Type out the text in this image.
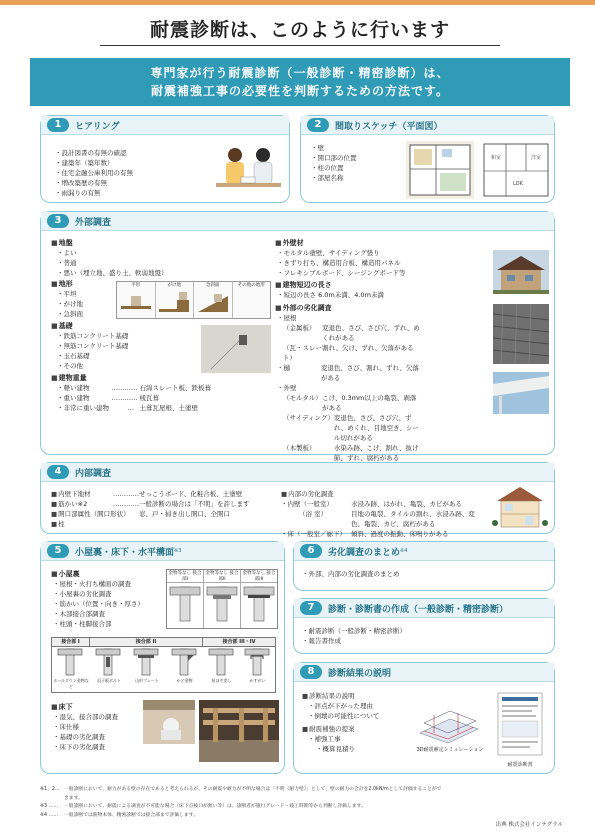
耐震診断は、このように行います
専門家が行う耐震診断（一般診断・精密診断）は、
耐震補強工事の必要性を判断するための方法です。
1	ヒアリング
・ 設計図書の有無の確認
・ 建築年（築年数）
・ 住宅金融公庫利用の有無
・ 増改築歴の有無
・ 雨漏りの有無
2	間取りスケッチ（平面図）
・ 壁
・ 開口部の位置
・ 柱の位置
・ 部屋名称
和室	洋室
LDK
3	外部調査
■ 地盤
・ よい
・ 普通
・ 悪い（埋立地、盛り土、軟弱地盤）
■ 地形
・ 平坦
・ がけ地
・ 急斜面
■ 基礎
・ 鉄筋コンクリート基礎
・ 無筋コンクリート基礎
・ 玉石基礎
・ その他
■ 建物重量
・ 軽い建物	………… 石綿スレート板、鉄板葺
・ 重い建物	………… 桟瓦葺
・ 非常に重い建物	… 土葺瓦屋根、土塗壁
平坦	がけ地	急斜面	その他の地形
■ 外壁材
・ モルタル塗壁、サイディング張り
・ きずり打ち、構造用合板、構造用パネル
・ フレキシブルボード、シージングボード等
■ 建物短辺の長さ
・ 短辺の長さ 6.0m未満、4.0m未満
■ 外部の劣化調査
・屋根
（金属板）	変退色、さび、さび穴、ずれ、めくれがある
（瓦・スレート）
割れ、欠け、ずれ、欠落がある
・樋	変退色、さび、割れ、ずれ、欠落がある
・外壁
（モルタル） こけ、0.3mm以上の亀裂、剥落がある
（サイディング） 変退色、さび、さび穴、ずれ、めくれ、目地空き、シール切れがある
（木製板）	水染み跡、こけ、割れ、抜け節、ずれ、腐朽がある
4	内部調査
■ 内壁下地材	………… せっこうボード、化粧合板、土塗壁
■ 筋かい※2	………… 一般診断の場合は「不明」を許します
■ 開口部属性（開口形状）	窓、戸・掃き出し開口、全開口
■ 柱
■ 内部の劣化調査
・内壁（一般室）	水浸み跡、はがれ、亀裂、カビがある
（浴 室）	目地の亀裂、タイルの割れ、水浸み跡、変色、亀裂、カビ、腐朽がある
・床（一般室／廊下） 傾斜、過度の振動、床鳴りがある
5	小屋裏・床下・水平構面 ※3
■ 小屋裏
・ 屋根・火打ち構面の調査
・ 小屋裏の劣化調査
・ 筋かい（位置・向き・厚さ）
・ 木部接合部調査
・ 柱頭・柱脚接合部
金物等なし 接合部I
金物等なし 接合部II
金物等なし 接合部III
接合部 I	接合部 II	接合部 III・IV
ホールダウン金物など
羽子板ボルト	山形プレート	かど金物	短ほぞ差し	かすがい
■ 床下
・ 湿気、接合部の調査
・ 床仕様
・ 基礎の劣化調査
・ 床下の劣化調査
6	劣化調査のまとめ ※4
・ 外部、内部の劣化調査のまとめ
7	診断・診断書の作成（一般診断・精密診断）
・ 耐震診断（一般診断・精密診断）
・ 報告書作成
8	診断結果の説明
■ 診断結果の説明
・ 評点が下がった理由
・ 倒壊の可能性について
■ 耐震補強の提案
・ 補強工事
・ 概算見積り	3D耐震補定シミュレーション
耐震診断書
※1、2… 一般診断において、耐力がある壁の存在であると考えられるが、その耐震や耐力が不明な場合は「不明（耐力壁）」として、壁の耐力の合計を2.0kN/mとして評価することができます。
※3 ……	一般診断において、耐震による調査が不可能な場合（床下点検口が無い等）は、診断者が施行グレード・竣工時期等から判断し評価します。
※4 ……	一般診断では筋物本体、精密診断では接合部まで評価します。
出典 株式会社インテグラル
